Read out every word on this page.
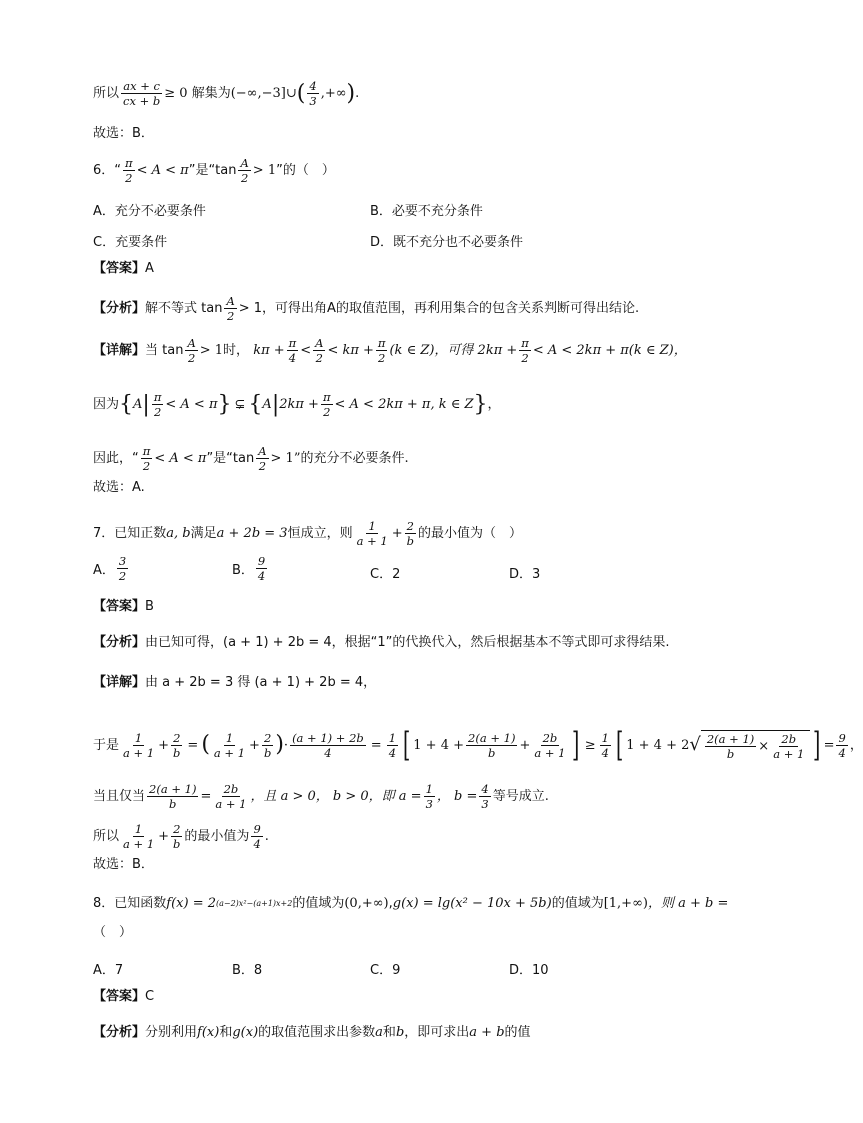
所以 $\frac{ax + c}{cx + b} \ge 0$ 解集为 (−∞,−3]∪ ( $\frac{4}{3}$ ,+∞ ) .
故选：B．
6．“ $\frac{\pi}{2} < A < \pi$ ”是“$\tan \frac{A}{2} > 1$ ”的（　）
A．充分不必要条件	B．必要不充分条件
C．充要条件	D．既不充分也不必要条件
【答案】 A
【分析】 解不等式 $\tan \frac{A}{2} > 1$，可得出角A的取值范围，再利用集合的包含关系判断可得出结论.
【详解】 当 $\tan \frac{A}{2} > 1$时，
$k\pi + \frac{\pi}{4} < \frac{A}{2} < k\pi + \frac{\pi}{2} (k$ ∈ Z)，可得 $2k\pi + \frac{\pi}{2} < A < 2k\pi + \pi(k$ ∈ Z)，
因为 { A | $\frac{\pi}{2} < A < \pi$ } ⊊ { A | $2k\pi + \frac{\pi}{2} < A < 2k\pi + \pi$, k ∈ Z } ，
因此，“ $\frac{\pi}{2} < A < \pi$ ”是“$\tan \frac{A}{2} > 1$”的充分不必要条件.
故选：A.
7．已知正数 a, b 满足 a + 2b = 3 恒成立，则 $\frac{1}{a + 1} + \frac{2}{b}$ 的最小值为（　）
A． $\frac{3}{2}$	B． $\frac{9}{4}$	C．2	D．3
【答案】 B
【分析】 由已知可得，(a + 1) + 2b = 4，根据“1”的代换代入，然后根据基本不等式即可求得结果.
【详解】 由 a + 2b = 3 得 (a + 1) + 2b = 4，
于是 $\frac{1}{a + 1} + \frac{2}{b}$ = ( $\frac{1}{a + 1} + \frac{2}{b}$ ) · $\frac{(a + 1) + 2b}{4} = \frac{1}{4}$ [ $1 + 4 + \frac{2(a + 1)}{b} + \frac{2b}{a + 1}$ ] ≥ $\frac{1}{4}$ [ 1 + 4 + 2 √ $\frac{2(a + 1)}{b} \times \frac{2b}{a + 1}$ ] = $\frac{9}{4}$ ，
当且仅当 $\frac{2(a + 1)}{b} = \frac{2b}{a + 1}$ ，且 a > 0， b > 0，即 $a = \frac{1}{3}$ ， $b = \frac{4}{3}$ 等号成立.
所以 $\frac{1}{a + 1} + \frac{2}{b}$ 的最小值为 $\frac{9}{4}$ .
故选：B．
8．已知函数 f(x) = 2 (a−2)x²−(a+1)x+2 的值域为 (0,+∞) , g(x) = lg(x² − 10x + 5b) 的值域为 [1,+∞) ，则 a + b =
（　）
A．7	B．8	C．9	D．10
【答案】 C
【分析】 分别利用 f(x) 和 g(x) 的取值范围求出参数 a 和 b ，即可求出 a + b 的值
